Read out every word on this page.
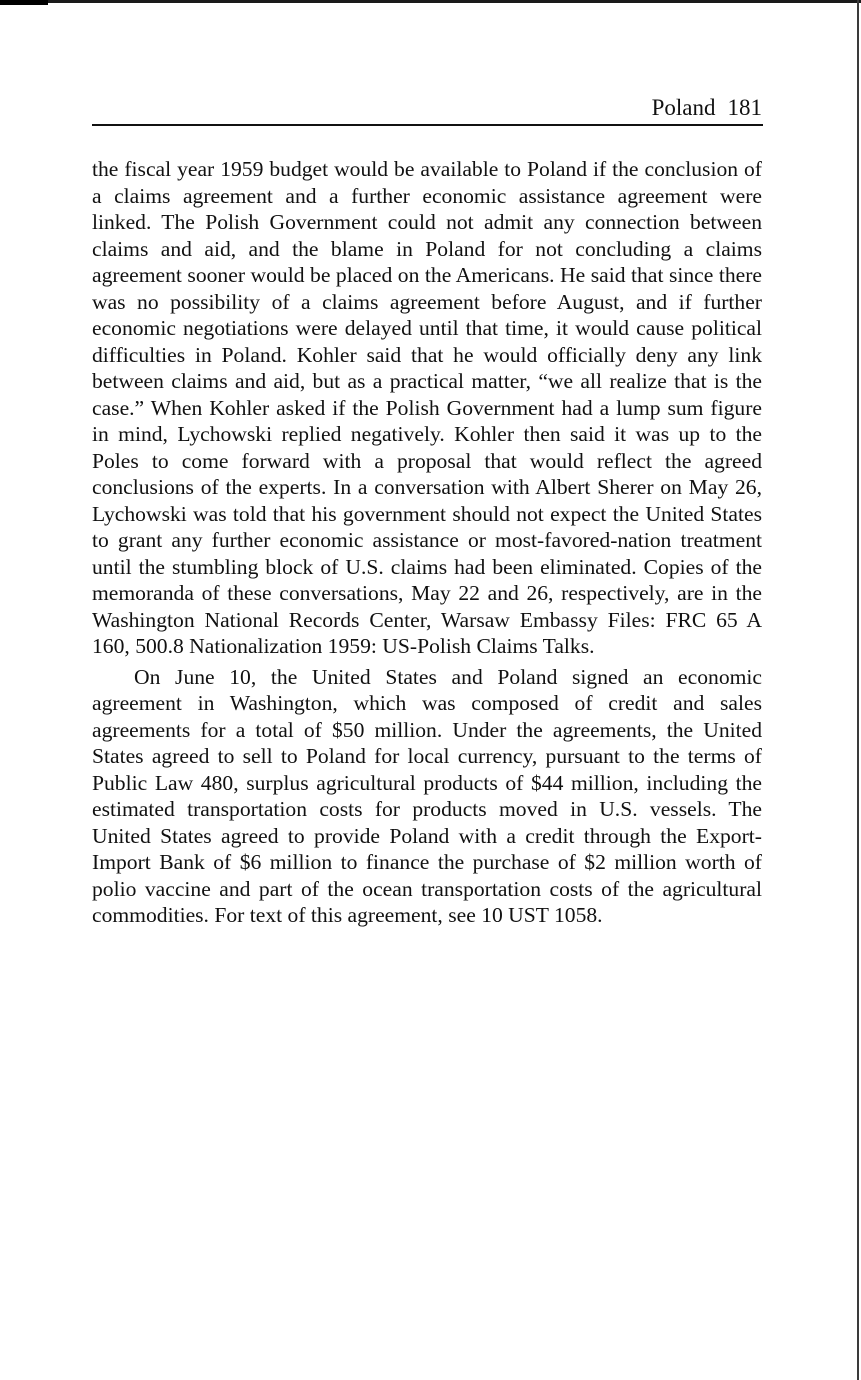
Poland 181

the fiscal year 1959 budget would be available to Poland if the conclusion of a claims agreement and a further economic assistance agreement were linked. The Polish Government could not admit any connection between claims and aid, and the blame in Poland for not concluding a claims agreement sooner would be placed on the Americans. He said that since there was no possibility of a claims agreement before August, and if further economic negotiations were delayed until that time, it would cause political difficulties in Poland. Kohler said that he would officially deny any link between claims and aid, but as a practical matter, “we all realize that is the case.” When Kohler asked if the Polish Government had a lump sum figure in mind, Lychowski replied negatively. Kohler then said it was up to the Poles to come forward with a proposal that would reflect the agreed conclusions of the experts. In a conversation with Albert Sherer on May 26, Lychowski was told that his government should not expect the United States to grant any further economic assistance or most-favored-nation treatment until the stumbling block of U.S. claims had been eliminated. Copies of the memoranda of these conversations, May 22 and 26, respectively, are in the Washington National Records Center, Warsaw Embassy Files: FRC 65 A 160, 500.8 Nationalization 1959: US-Polish Claims Talks.

On June 10, the United States and Poland signed an economic agreement in Washington, which was composed of credit and sales agreements for a total of $50 million. Under the agreements, the United States agreed to sell to Poland for local currency, pursuant to the terms of Public Law 480, surplus agricultural products of $44 million, including the estimated transportation costs for products moved in U.S. vessels. The United States agreed to provide Poland with a credit through the Export-Import Bank of $6 million to finance the purchase of $2 million worth of polio vaccine and part of the ocean transportation costs of the agricultural commodities. For text of this agreement, see 10 UST 1058.
